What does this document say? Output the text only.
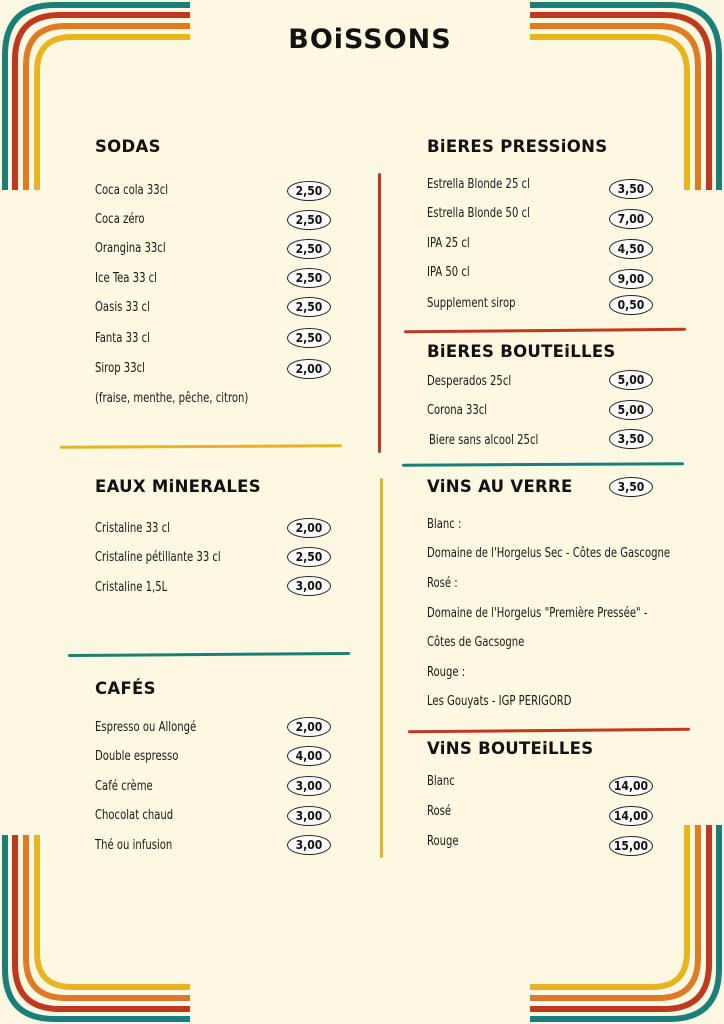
BOiSSONS
SODAS
Coca cola 33cl	2,50
Coca zéro	2,50
Orangina 33cl	2,50
Ice Tea 33 cl	2,50
Oasis 33 cl	2,50
Fanta 33 cl	2,50
Sirop 33cl	2,00
(fraise, menthe, pêche, citron)
EAUX MiNERALES
Cristaline 33 cl	2,00
Cristaline pétillante 33 cl	2,50
Cristaline 1,5L	3,00
CAFÉS
Espresso ou Allongé	2,00
Double espresso	4,00
Café crème	3,00
Chocolat chaud	3,00
Thé ou infusion	3,00
BiERES PRESSiONS
Estrella Blonde 25 cl	3,50
Estrella Blonde 50 cl	7,00
IPA 25 cl	4,50
IPA 50 cl	9,00
Supplement sirop	0,50
BiERES BOUTEiLLES
Desperados 25cl	5,00
Corona 33cl	5,00
Biere sans alcool 25cl	3,50
ViNS AU VERRE	3,50
Blanc :
Domaine de l'Horgelus Sec - Côtes de Gascogne
Rosé :
Domaine de l'Horgelus "Première Pressée" -
Côtes de Gacsogne
Rouge :
Les Gouyats - IGP PERIGORD
ViNS BOUTEiLLES
Blanc	14,00
Rosé	14,00
Rouge	15,00
